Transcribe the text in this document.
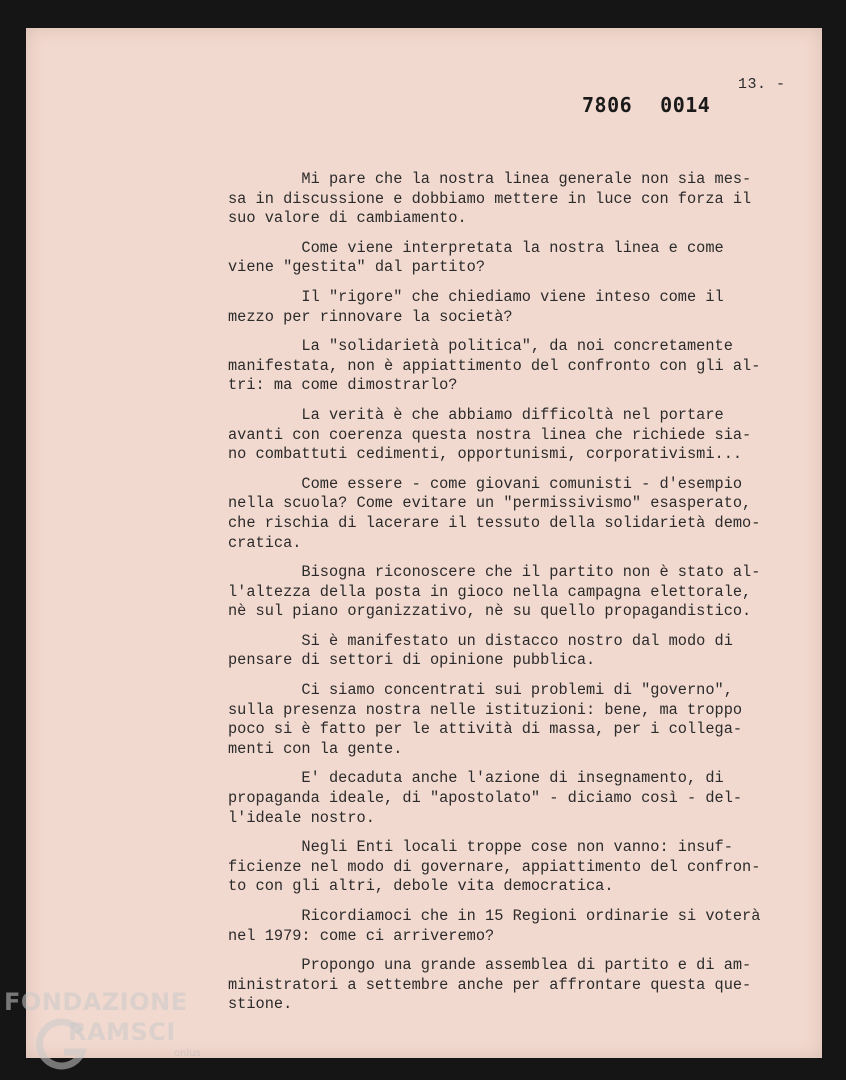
13. -
7806 0014
Mi pare che la nostra linea generale non sia mes-
sa in discussione e dobbiamo mettere in luce con forza il
suo valore di cambiamento.
Come viene interpretata la nostra linea e come
viene "gestita" dal partito?
Il "rigore" che chiediamo viene inteso come il
mezzo per rinnovare la società?
La "solidarietà politica", da noi concretamente
manifestata, non è appiattimento del confronto con gli al-
tri: ma come dimostrarlo?
La verità è che abbiamo difficoltà nel portare
avanti con coerenza questa nostra linea che richiede sia-
no combattuti cedimenti, opportunismi, corporativismi...
Come essere - come giovani comunisti - d'esempio
nella scuola? Come evitare un "permissivismo" esasperato,
che rischia di lacerare il tessuto della solidarietà demo-
cratica.
Bisogna riconoscere che il partito non è stato al-
l'altezza della posta in gioco nella campagna elettorale,
nè sul piano organizzativo, nè su quello propagandistico.
Si è manifestato un distacco nostro dal modo di
pensare di settori di opinione pubblica.
Ci siamo concentrati sui problemi di "governo",
sulla presenza nostra nelle istituzioni: bene, ma troppo
poco si è fatto per le attività di massa, per i collega-
menti con la gente.
E' decaduta anche l'azione di insegnamento, di
propaganda ideale, di "apostolato" - diciamo così - del-
l'ideale nostro.
Negli Enti locali troppe cose non vanno: insuf-
ficienze nel modo di governare, appiattimento del confron-
to con gli altri, debole vita democratica.
Ricordiamoci che in 15 Regioni ordinarie si voterà
nel 1979: come ci arriveremo?
Propongo una grande assemblea di partito e di am-
ministratori a settembre anche per affrontare questa que-
stione.
FONDAZIONE
RAMSCI
onlus
